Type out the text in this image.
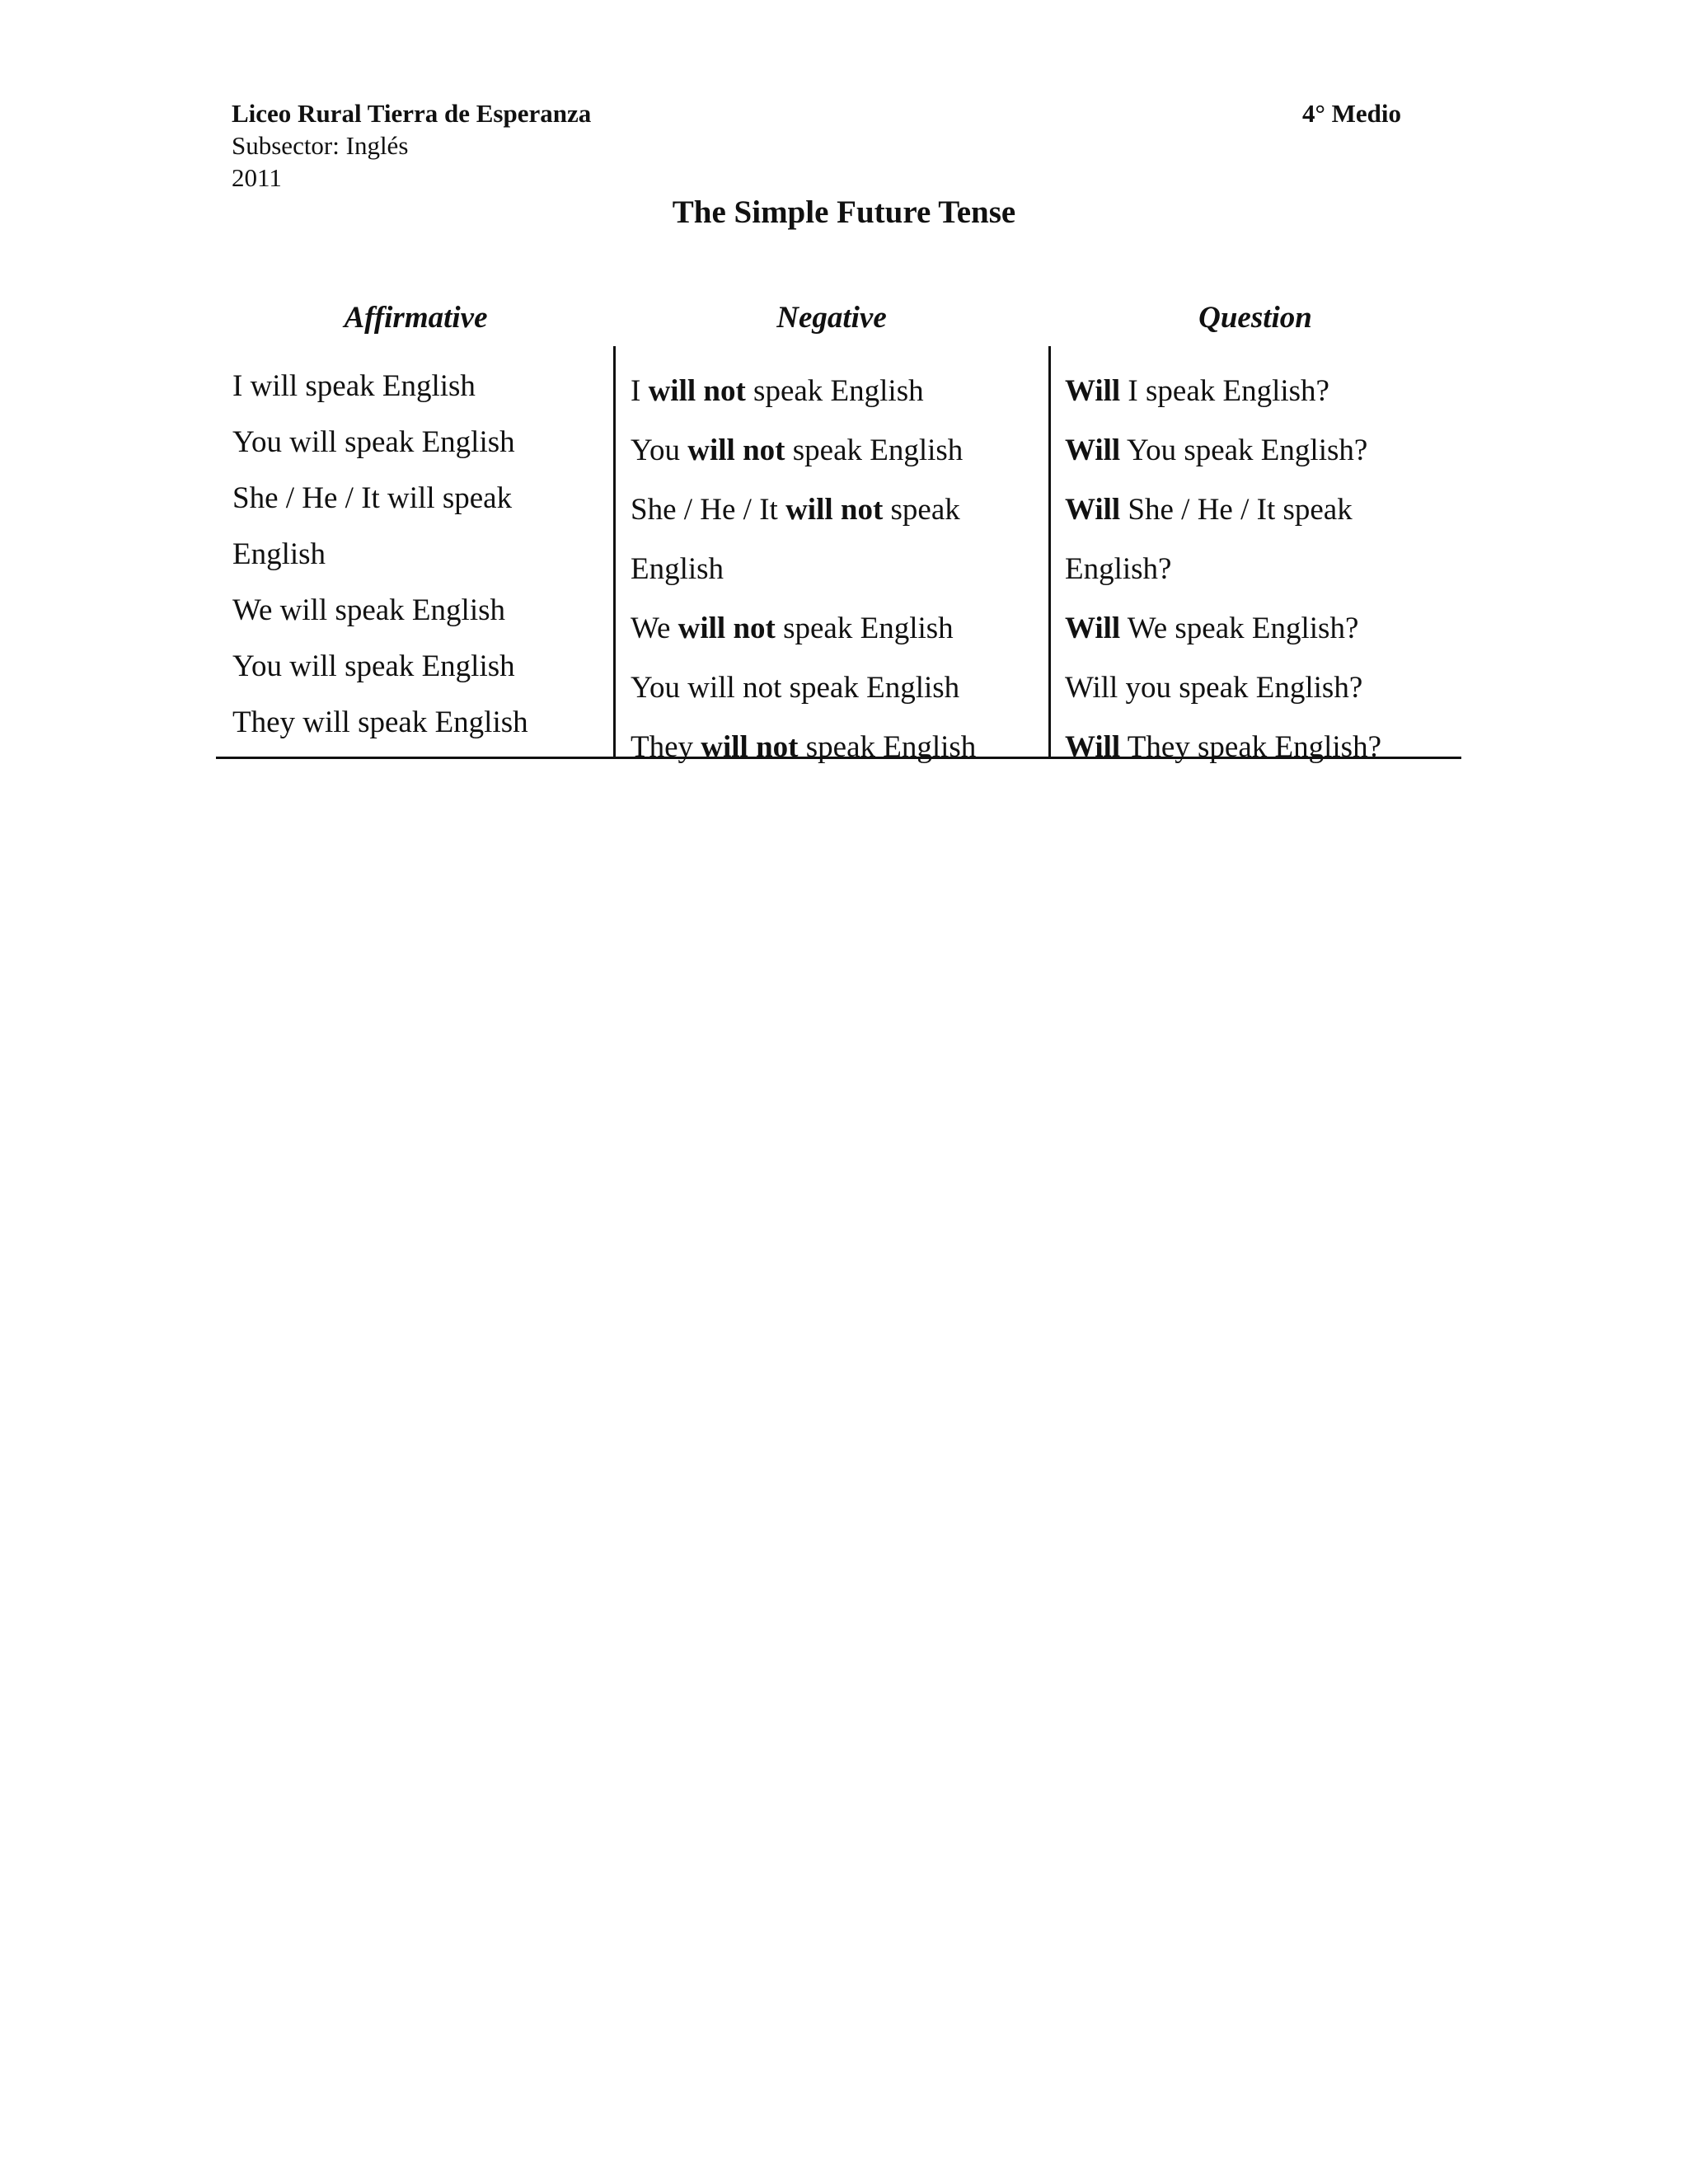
Liceo Rural Tierra de Esperanza
Subsector: Inglés
2011
4° Medio
The Simple Future Tense
Affirmative	Negative	Question
I will speak English
You will speak English
She / He / It will speak
English
We will speak English
You will speak English
They will speak English
I will not speak English
You will not speak English
She / He / It will not speak
English
We will not speak English
You will not speak English
They will not speak English
Will I speak English?
Will You speak English?
Will She / He / It speak
English?
Will We speak English?
Will you speak English?
Will They speak English?
